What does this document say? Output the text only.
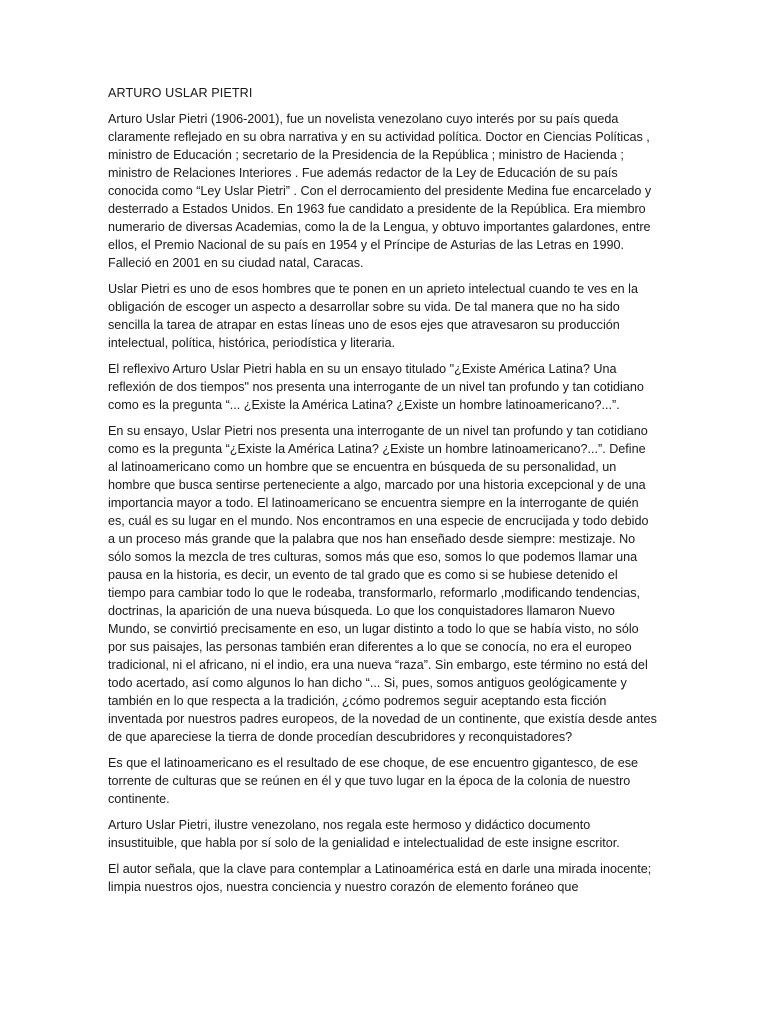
ARTURO USLAR PIETRI

Arturo Uslar Pietri (1906-2001), fue un novelista venezolano cuyo interés por su país queda claramente reflejado en su obra narrativa y en su actividad política. Doctor en Ciencias Políticas , ministro de Educación ; secretario de la Presidencia de la República ; ministro de Hacienda ; ministro de Relaciones Interiores . Fue además redactor de la Ley de Educación de su país conocida como “Ley Uslar Pietri” . Con el derrocamiento del presidente Medina fue encarcelado y desterrado a Estados Unidos. En 1963 fue candidato a presidente de la República. Era miembro numerario de diversas Academias, como la de la Lengua, y obtuvo importantes galardones, entre ellos, el Premio Nacional de su país en 1954 y el Príncipe de Asturias de las Letras en 1990. Falleció en 2001 en su ciudad natal, Caracas.

Uslar Pietri es uno de esos hombres que te ponen en un aprieto intelectual cuando te ves en la obligación de escoger un aspecto a desarrollar sobre su vida. De tal manera que no ha sido sencilla la tarea de atrapar en estas líneas uno de esos ejes que atravesaron su producción intelectual, política, histórica, periodística y literaria.

El reflexivo Arturo Uslar Pietri habla en su un ensayo titulado "¿Existe América Latina? Una reflexión de dos tiempos" nos presenta una interrogante de un nivel tan profundo y tan cotidiano como es la pregunta “... ¿Existe la América Latina? ¿Existe un hombre latinoamericano?...”.

En su ensayo, Uslar Pietri nos presenta una interrogante de un nivel tan profundo y tan cotidiano como es la pregunta “¿Existe la América Latina? ¿Existe un hombre latinoamericano?...”. Define al latinoamericano como un hombre que se encuentra en búsqueda de su personalidad, un hombre que busca sentirse perteneciente a algo, marcado por una historia excepcional y de una importancia mayor a todo. El latinoamericano se encuentra siempre en la interrogante de quién es, cuál es su lugar en el mundo. Nos encontramos en una especie de encrucijada y todo debido a un proceso más grande que la palabra que nos han enseñado desde siempre: mestizaje. No sólo somos la mezcla de tres culturas, somos más que eso, somos lo que podemos llamar una pausa en la historia, es decir, un evento de tal grado que es como si se hubiese detenido el tiempo para cambiar todo lo que le rodeaba, transformarlo, reformarlo ,modificando tendencias, doctrinas, la aparición de una nueva búsqueda. Lo que los conquistadores llamaron Nuevo Mundo, se convirtió precisamente en eso, un lugar distinto a todo lo que se había visto, no sólo por sus paisajes, las personas también eran diferentes a lo que se conocía, no era el europeo tradicional, ni el africano, ni el indio, era una nueva “raza”. Sin embargo, este término no está del todo acertado, así como algunos lo han dicho “... Si, pues, somos antiguos geológicamente y también en lo que respecta a la tradición, ¿cómo podremos seguir aceptando esta ficción inventada por nuestros padres europeos, de la novedad de un continente, que existía desde antes de que apareciese la tierra de donde procedían descubridores y reconquistadores?

Es que el latinoamericano es el resultado de ese choque, de ese encuentro gigantesco, de ese torrente de culturas que se reúnen en él y que tuvo lugar en la época de la colonia de nuestro continente.

Arturo Uslar Pietri, ilustre venezolano, nos regala este hermoso y didáctico documento insustituible, que habla por sí solo de la genialidad e intelectualidad de este insigne escritor.

El autor señala, que la clave para contemplar a Latinoamérica está en darle una mirada inocente; limpia nuestros ojos, nuestra conciencia y nuestro corazón de elemento foráneo que
